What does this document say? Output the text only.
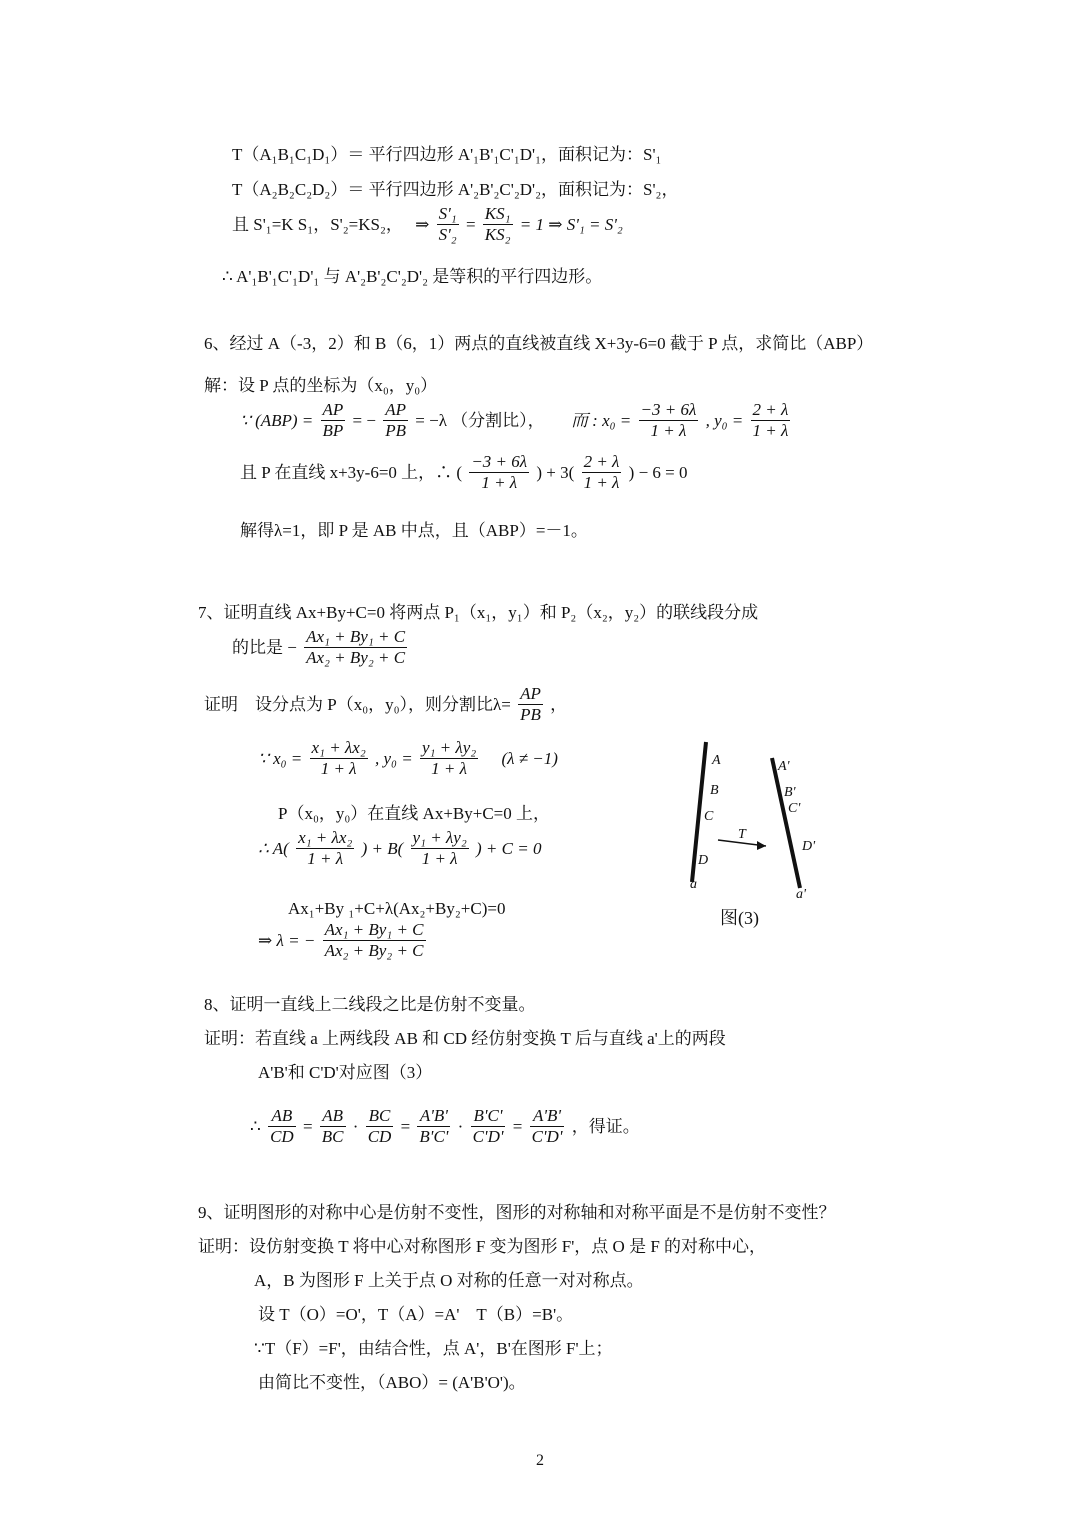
T（A₁B₁C₁D₁）＝ 平行四边形 A'₁B'₁C'₁D'₁，面积记为：S'₁
T（A₂B₂C₂D₂）＝ 平行四边形 A'₂B'₂C'₂D'₂，面积记为：S'₂，
且 S'₁=K S₁，S'₂=KS₂， ⇒ $\frac{\text{S'₁}}{\text{S'₂}} = \frac{\text{KS₁}}{\text{KS₂}} = 1$ ⇒ S'₁ = S'₂
∴ A'₁B'₁C'₁D'₁ 与 A'₂B'₂C'₂D'₂ 是等积的平行四边形。
6、经过 A（-3，2）和 B（6，1）两点的直线被直线 X+3y-6=0 截于 P 点，求简比（ABP）
解：设 P 点的坐标为（x₀，y₀）
∵ $(ABP) = \frac{AP}{BP}$ = − $\frac{AP}{PB} = -\lambda$ （分割比）， 而 : $x_0 = \frac{-3 + 6\lambda}{1 + \lambda}$ , $y_0 = \frac{2 + \lambda}{1 + \lambda}$
且 P 在直线 x+3y-6=0 上，∴ ( $\frac{-3 + 6\lambda}{1 + \lambda}$ ) + $3( \frac{2 + \lambda}{1 + \lambda}$ ) − 6 = 0
解得λ=1，即 P 是 AB 中点，且（ABP）=－1。
7、证明直线 Ax+By+C=0 将两点 P₁（x₁，y₁）和 P₂（x₂，y₂）的联线段分成
的比是 − $\frac{\text{Ax₁ + By₁ + C}}{\text{Ax₂ + By₂ + C}}$
证明　设分点为 P（x₀，y₀），则分割比$\lambda= \frac{AP}{PB}$ ，
∵ $x_0 = \frac{\text{x₁ + λx₂}}{1 + \lambda}$ , $y_0 = \frac{\text{y₁ + λy₂}}{1 + \lambda} (\lambda \ne -1)$
P（x₀，y₀）在直线 Ax+By+C=0 上，
∴ $A( \frac{\text{x₁ + λx₂}}{1 + \lambda}$ ) + $B( \frac{\text{y₁ + λy₂}}{1 + \lambda}$ ) + C = 0
Ax₁+By ₁+C+λ(Ax₂+By₂+C)=0
⇒ λ = − $\frac{\text{Ax₁ + By₁ + C}}{\text{Ax₂ + By₂ + C}}$
A
B
C
D
a
A'
B'
C'
D'
a'
T
图(3)
8、证明一直线上二线段之比是仿射不变量。
证明：若直线 a 上两线段 AB 和 CD 经仿射变换 T 后与直线 a'上的两段
A'B'和 C'D'对应图（3）
∴ $\frac{AB}{CD} = \frac{AB}{BC} \cdot \frac{BC}{CD} = \frac{A'B'}{B'C'} \cdot \frac{B'C'}{C'D'} = \frac{A'B'}{C'D'}$ ，得证。
9、证明图形的对称中心是仿射不变性，图形的对称轴和对称平面是不是仿射不变性？
证明：设仿射变换 T 将中心对称图形 F 变为图形 F'，点 O 是 F 的对称中心，
A，B 为图形 F 上关于点 O 对称的任意一对对称点。
设 T（O）=O'，T（A）=A'　T（B）=B'。
∵T（F）=F'，由结合性，点 A'，B'在图形 F'上；
由简比不变性，（ABO）= (A'B'O')。
2
